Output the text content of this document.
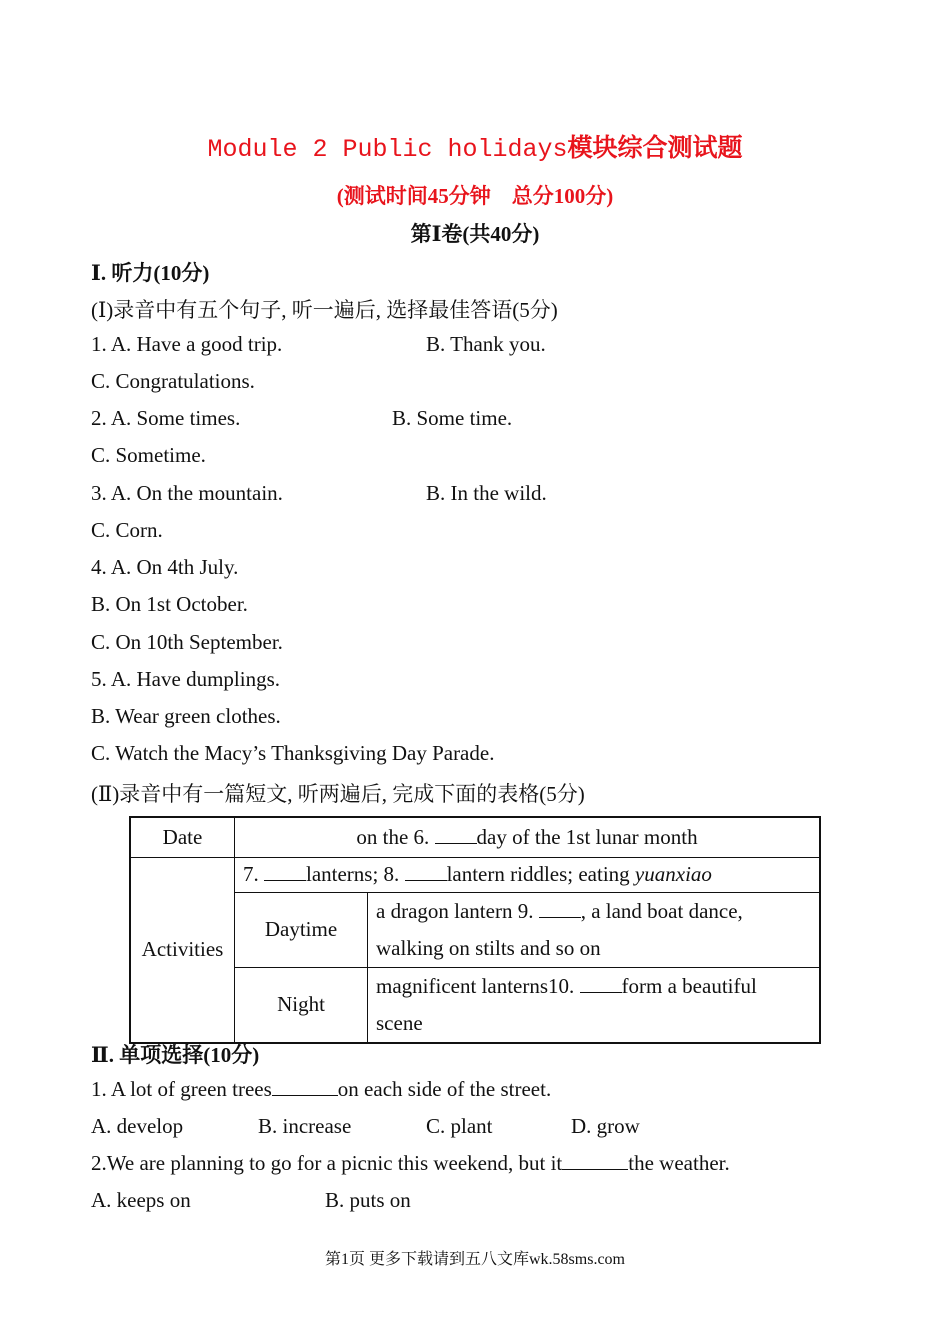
Module 2 Public holidays模块综合测试题
(测试时间45分钟　总分100分)
第Ⅰ卷(共40分)
Ⅰ. 听力(10分)
(Ⅰ)录音中有五个句子, 听一遍后, 选择最佳答语(5分)
1. A. Have a good trip.	B. Thank you.
C. Congratulations.
2. A. Some times.	B. Some time.
C. Sometime.
3. A. On the mountain.	B. In the wild.
C. Corn.
4. A. On 4th July.
B. On 1st October.
C. On 10th September.
5. A. Have dumplings.
B. Wear green clothes.
C. Watch the Macy’s Thanksgiving Day Parade.
(Ⅱ)录音中有一篇短文, 听两遍后, 完成下面的表格(5分)
Date	on the 6. day of the 1st lunar month	
Activities	7. lanterns; 8. lantern riddles; eating yuanxiao	
	Daytime	a dragon lantern 9. , a land boat dance,
walking on stilts and so on
	Night	magnificent lanterns10. form a beautiful
scene
Ⅱ. 单项选择(10分)
1. A lot of green trees	on each side of the street.
A. develop	B. increase	C. plant	D. grow
2.We are planning to go for a picnic this weekend, but it	the weather.
A. keeps on	B. puts on
第1页 更多下载请到五八文库wk.58sms.com
